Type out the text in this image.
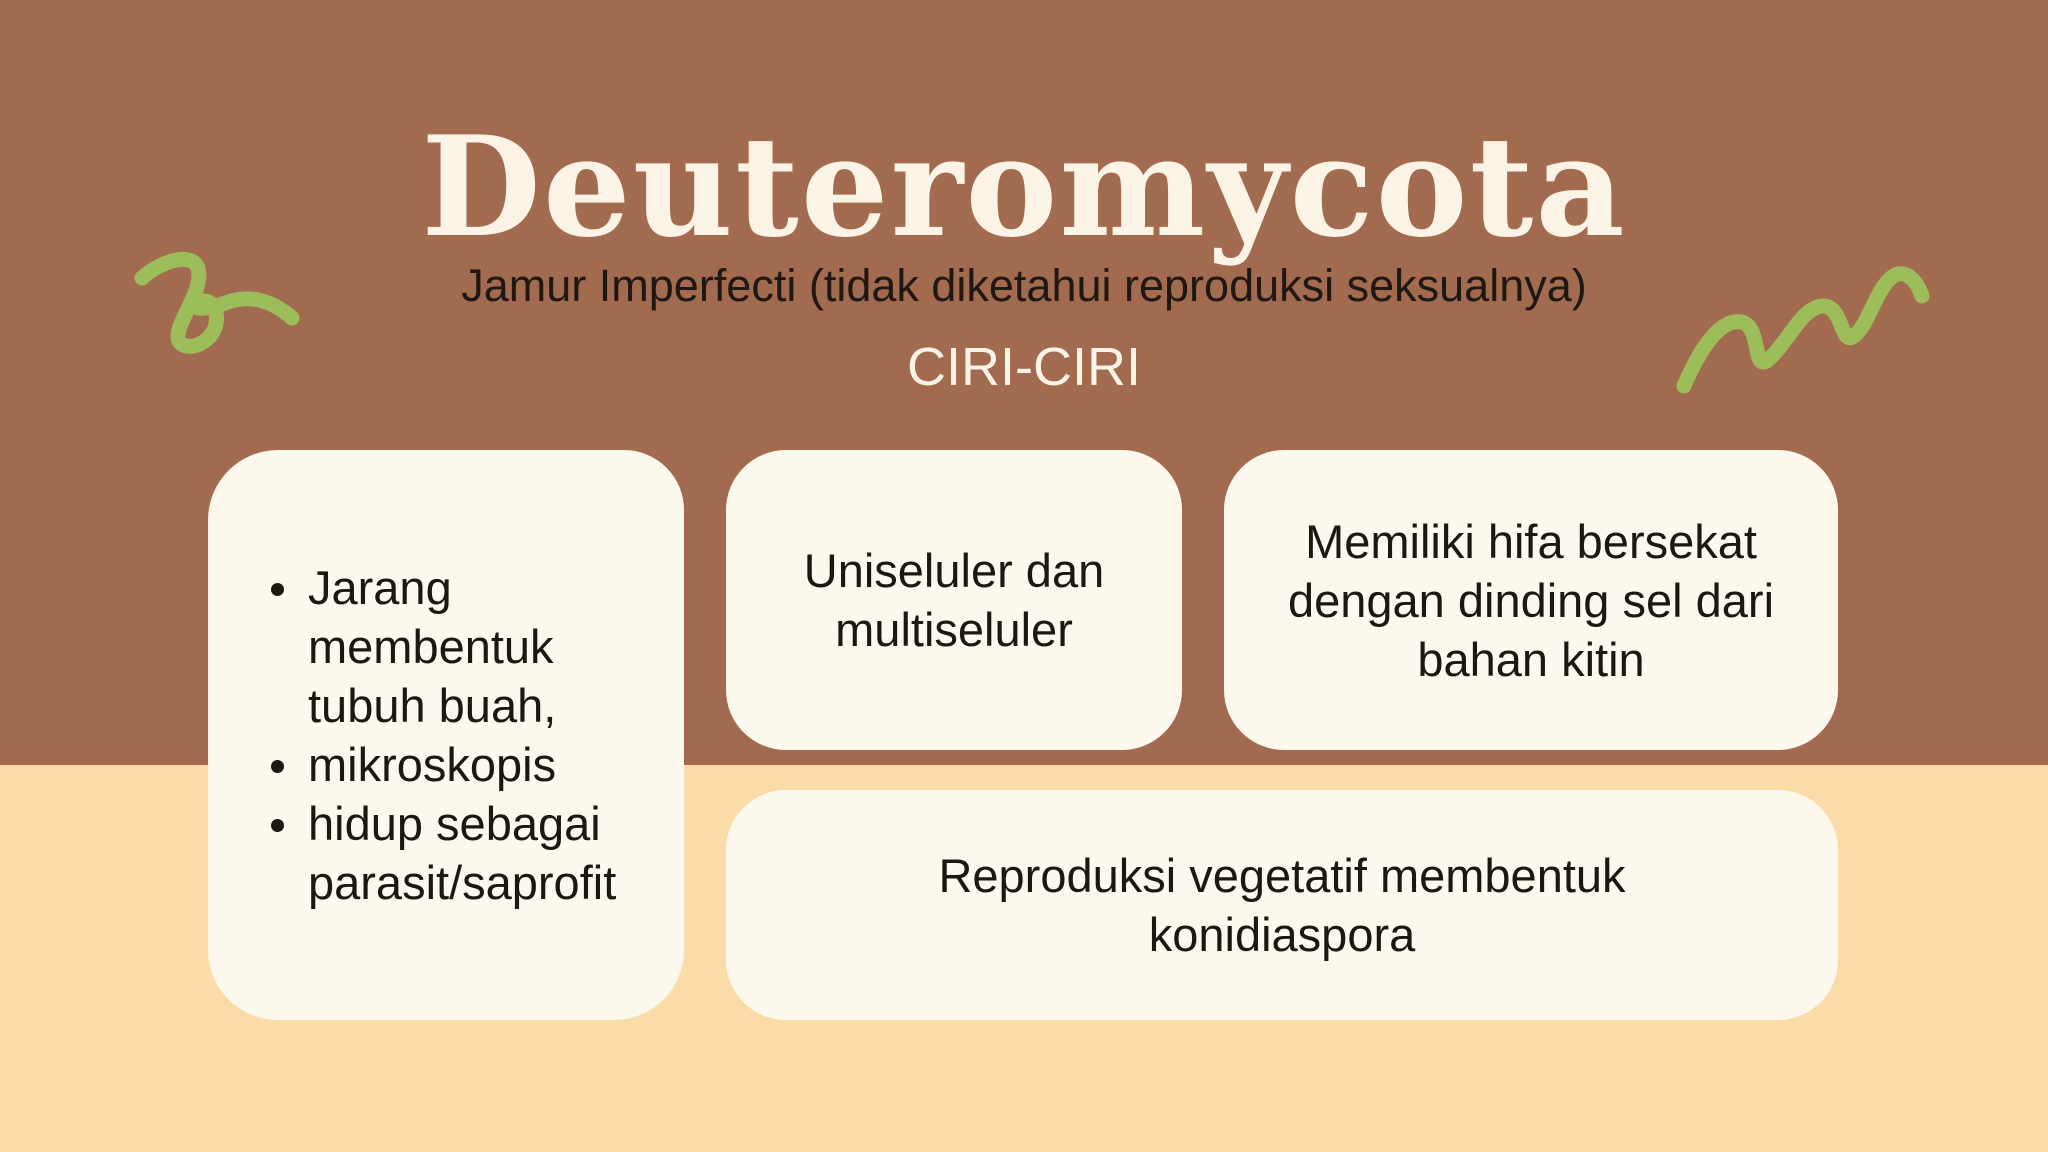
Deuteromycota
Jamur Imperfecti (tidak diketahui reproduksi seksualnya)
CIRI-CIRI
Jarang membentuk tubuh buah,
mikroskopis
hidup sebagai parasit/saprofit

Uniseluler dan multiseluler

Memiliki hifa bersekat dengan dinding sel dari bahan kitin

Reproduksi vegetatif membentuk konidiaspora
